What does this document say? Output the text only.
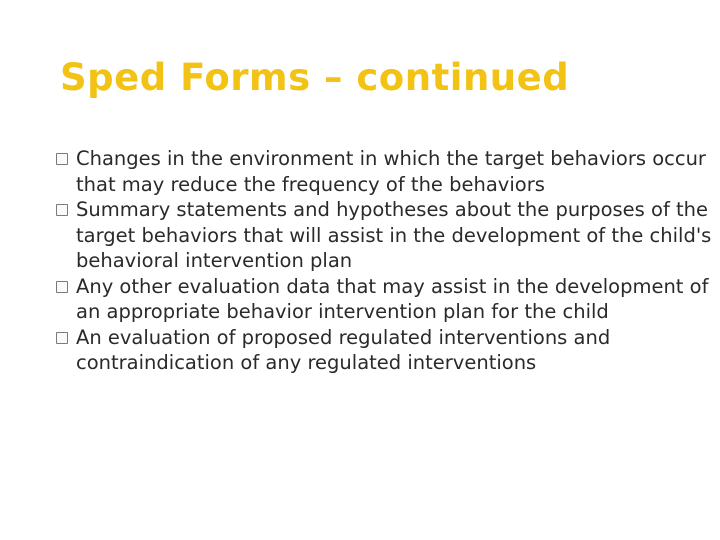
Sped Forms – continued
Changes in the environment in which the target behaviors occur that may reduce the frequency of the behaviors
Summary statements and hypotheses about the purposes of the target behaviors that will assist in the development of the child's behavioral intervention plan
Any other evaluation data that may assist in the development of an appropriate behavior intervention plan for the child
An evaluation of proposed regulated interventions and contraindication of any regulated interventions
